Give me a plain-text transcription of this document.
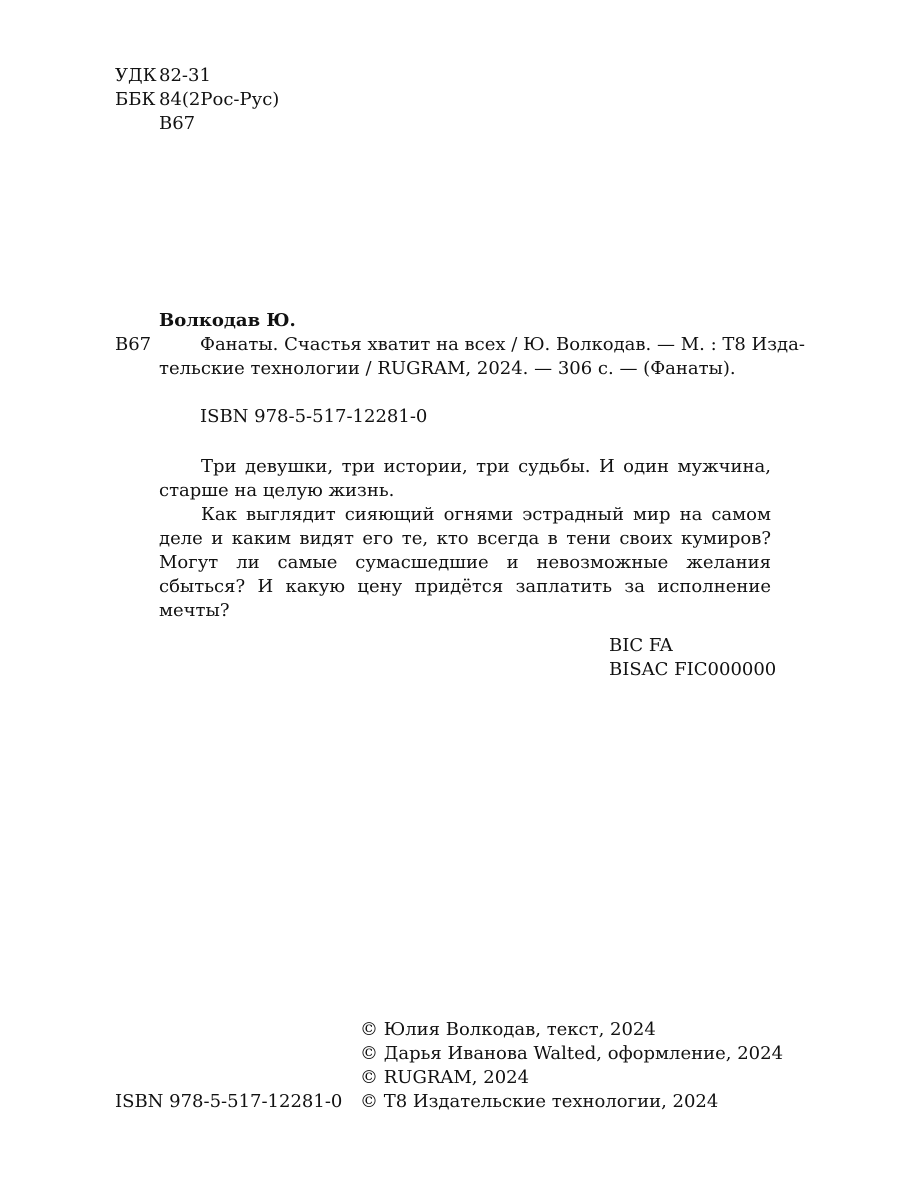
УДК 82-31
ББК 84(2Рос-Рус)
В67
Волкодав Ю.
В67	Фанаты. Счастья хватит на всех / Ю. Волкодав. — М. : Т8 Изда-
тельские технологии / RUGRAM, 2024. — 306 с. — (Фанаты).
ISBN 978-5-517-12281-0

Три девушки, три истории, три судьбы. И один мужчина, старше на целую жизнь.

Как выглядит сияющий огнями эстрадный мир на самом деле и каким видят его те, кто всегда в тени своих кумиров? Могут ли самые сумасшедшие и невозможные желания сбыться? И какую цену придётся заплатить за исполнение мечты?

BIC FA
BISAC FIC000000
© Юлия Волкодав, текст, 2024
© Дарья Иванова Walted, оформление, 2024
© RUGRAM, 2024
© Т8 Издательские технологии, 2024
ISBN 978-5-517-12281-0
